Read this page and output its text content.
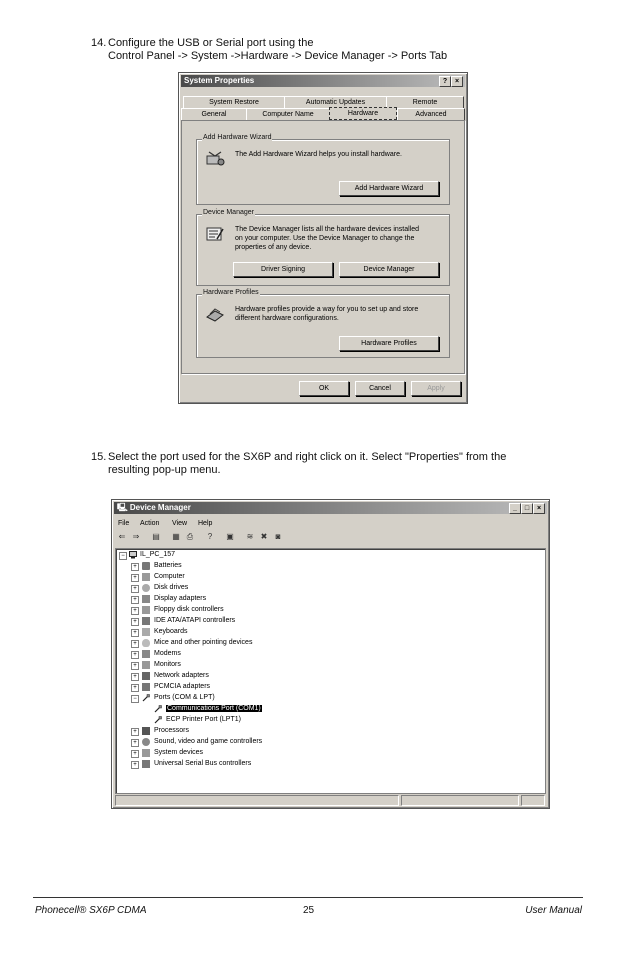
14. Configure the USB or Serial port using the
Control Panel -> System ->Hardware -> Device Manager -> Ports Tab
System Properties	?	×
System Restore	Automatic Updates	Remote
General	Computer Name	Hardware	Advanced
Add Hardware Wizard
The Add Hardware Wizard helps you install hardware.
Add Hardware Wizard
Device Manager
The Device Manager lists all the hardware devices installed
on your computer. Use the Device Manager to change the
properties of any device.
Driver Signing	Device Manager
Hardware Profiles
Hardware profiles provide a way for you to set up and store
different hardware configurations.
Hardware Profiles
OK	Cancel	Apply
15. Select the port used for the SX6P and right click on it. Select "Properties" from the
resulting pop-up menu.
🖳 Device Manager	_	□	×
File Action View Help
⇐ ⇒	▤ ▦ ⎙	?	▣	≋ ✖	◙
−	IL_PC_157
+	Batteries
+	Computer
+	Disk drives
+	Display adapters
+	Floppy disk controllers
+	IDE ATA/ATAPI controllers
+	Keyboards
+	Mice and other pointing devices
+	Modems
+	Monitors
+	Network adapters
+	PCMCIA adapters
−	Ports (COM & LPT)
Communications Port (COM1)
ECP Printer Port (LPT1)
+	Processors
+	Sound, video and game controllers
+	System devices
+	Universal Serial Bus controllers
Phonecell® SX6P CDMA	25	User Manual
